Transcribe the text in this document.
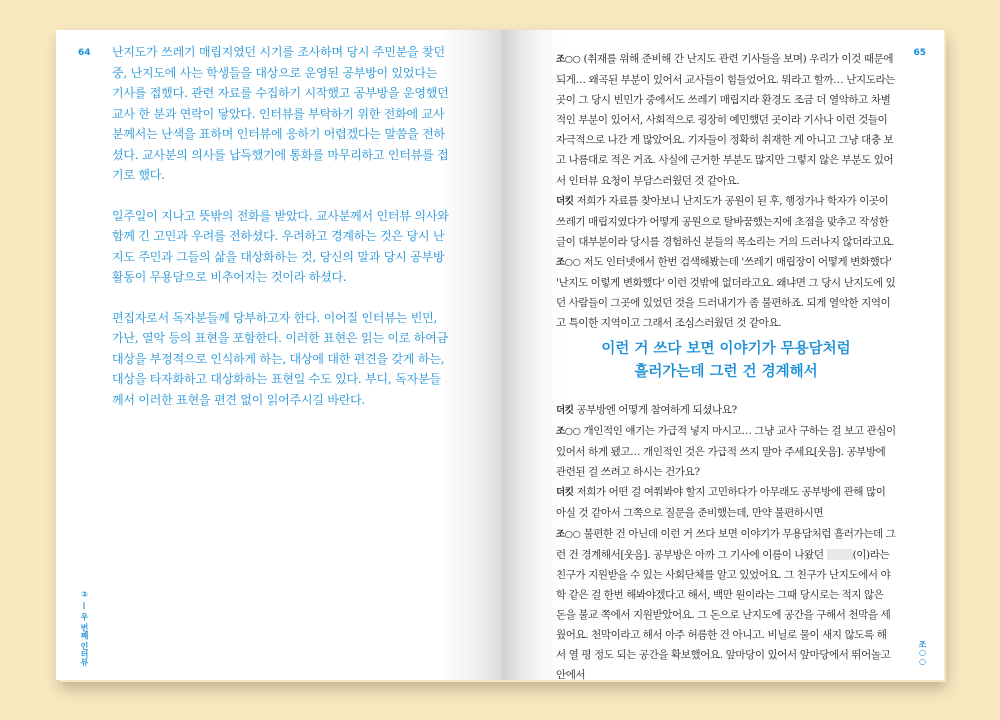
64 난지도가 쓰레기 매립지였던 시기를 조사하며 당시 주민분을 찾던 중, 난지도에 사는 학생들을 대상으로 운영된 공부방이 있었다는 기사를 접했다. 관련 자료를 수집하기 시작했고 공부방을 운영했던 교사 한 분과 연락이 닿았다. 인터뷰를 부탁하기 위한 전화에 교사분께서는 난색을 표하며 인터뷰에 응하기 어렵겠다는 말씀을 전하셨다. 교사분의 의사를 납득했기에 통화를 마무리하고 인터뷰를 접기로 했다.

일주일이 지나고 뜻밖의 전화를 받았다. 교사분께서 인터뷰 의사와 함께 긴 고민과 우려를 전하셨다. 우려하고 경계하는 것은 당시 난지도 주민과 그들의 삶을 대상화하는 것, 당신의 말과 당시 공부방 활동이 무용담으로 비추어지는 것이라 하셨다.

편집자로서 독자분들께 당부하고자 한다. 이어질 인터뷰는 빈민, 가난, 열악 등의 표현을 포함한다. 이러한 표현은 읽는 이로 하여금 대상을 부정적으로 인식하게 하는, 대상에 대한 편견을 갖게 하는, 대상을 타자화하고 대상화하는 표현일 수도 있다. 부디, 독자분들께서 이러한 표현을 편견 없이 읽어주시길 바란다.

② — 우 번째 인터뷰
65

조○○ (취재를 위해 준비해 간 난지도 관련 기사들을 보며) 우리가 이것 때문에 되게… 왜곡된 부분이 있어서 교사들이 힘들었어요. 뭐라고 할까… 난지도라는 곳이 그 당시 빈민가 중에서도 쓰레기 매립지라 환경도 조금 더 열악하고 차별적인 부분이 있어서, 사회적으로 굉장히 예민했던 곳이라 기사나 이런 것들이 자극적으로 나간 게 많았어요. 기자들이 정확히 취재한 게 아니고 그냥 대충 보고 나름대로 적은 거죠. 사실에 근거한 부분도 많지만 그렇지 않은 부분도 있어서 인터뷰 요청이 부담스러웠던 것 같아요.

더킷 저희가 자료를 찾아보니 난지도가 공원이 된 후, 행정가나 학자가 이곳이 쓰레기 매립지였다가 어떻게 공원으로 탈바꿈했는지에 초점을 맞추고 작성한 글이 대부분이라 당시를 경험하신 분들의 목소리는 거의 드러나지 않더라고요.

조○○ 저도 인터넷에서 한번 검색해봤는데 '쓰레기 매립장이 어떻게 변화했다' '난지도 이렇게 변화했다' 이런 것밖에 없더라고요. 왜냐면 그 당시 난지도에 있던 사람들이 그곳에 있었던 것을 드러내기가 좀 불편하죠. 되게 열악한 지역이고 특이한 지역이고 그래서 조심스러웠던 것 같아요.

이런 거 쓰다 보면 이야기가 무용담처럼
흘러가는데 그런 건 경계해서

더킷 공부방엔 어떻게 참여하게 되셨나요?

조○○ 개인적인 얘기는 가급적 넣지 마시고… 그냥 교사 구하는 걸 보고 관심이 있어서 하게 됐고… 개인적인 것은 가급적 쓰지 말아 주세요[웃음]. 공부방에 관련된 걸 쓰려고 하시는 건가요?

더킷 저희가 어떤 걸 여쭤봐야 할지 고민하다가 아무래도 공부방에 관해 많이 아실 것 같아서 그쪽으로 질문을 준비했는데, 만약 불편하시면

조○○ 불편한 건 아닌데 이런 거 쓰다 보면 이야기가 무용담처럼 흘러가는데 그런 건 경계해서[웃음]. 공부방은 아까 그 기사에 이름이 나왔던 (이)라는 친구가 지원받을 수 있는 사회단체를 알고 있었어요. 그 친구가 난지도에서 야학 같은 걸 한번 해봐야겠다고 해서, 백만 원이라는 그때 당시로는 적지 않은 돈을 불교 쪽에서 지원받았어요. 그 돈으로 난지도에 공간을 구해서 천막을 세웠어요. 천막이라고 해서 아주 허름한 건 아니고. 비닐로 물이 새지 않도록 해서 열 평 정도 되는 공간을 확보했어요. 앞마당이 있어서 앞마당에서 뛰어놀고 안에서

조○○
